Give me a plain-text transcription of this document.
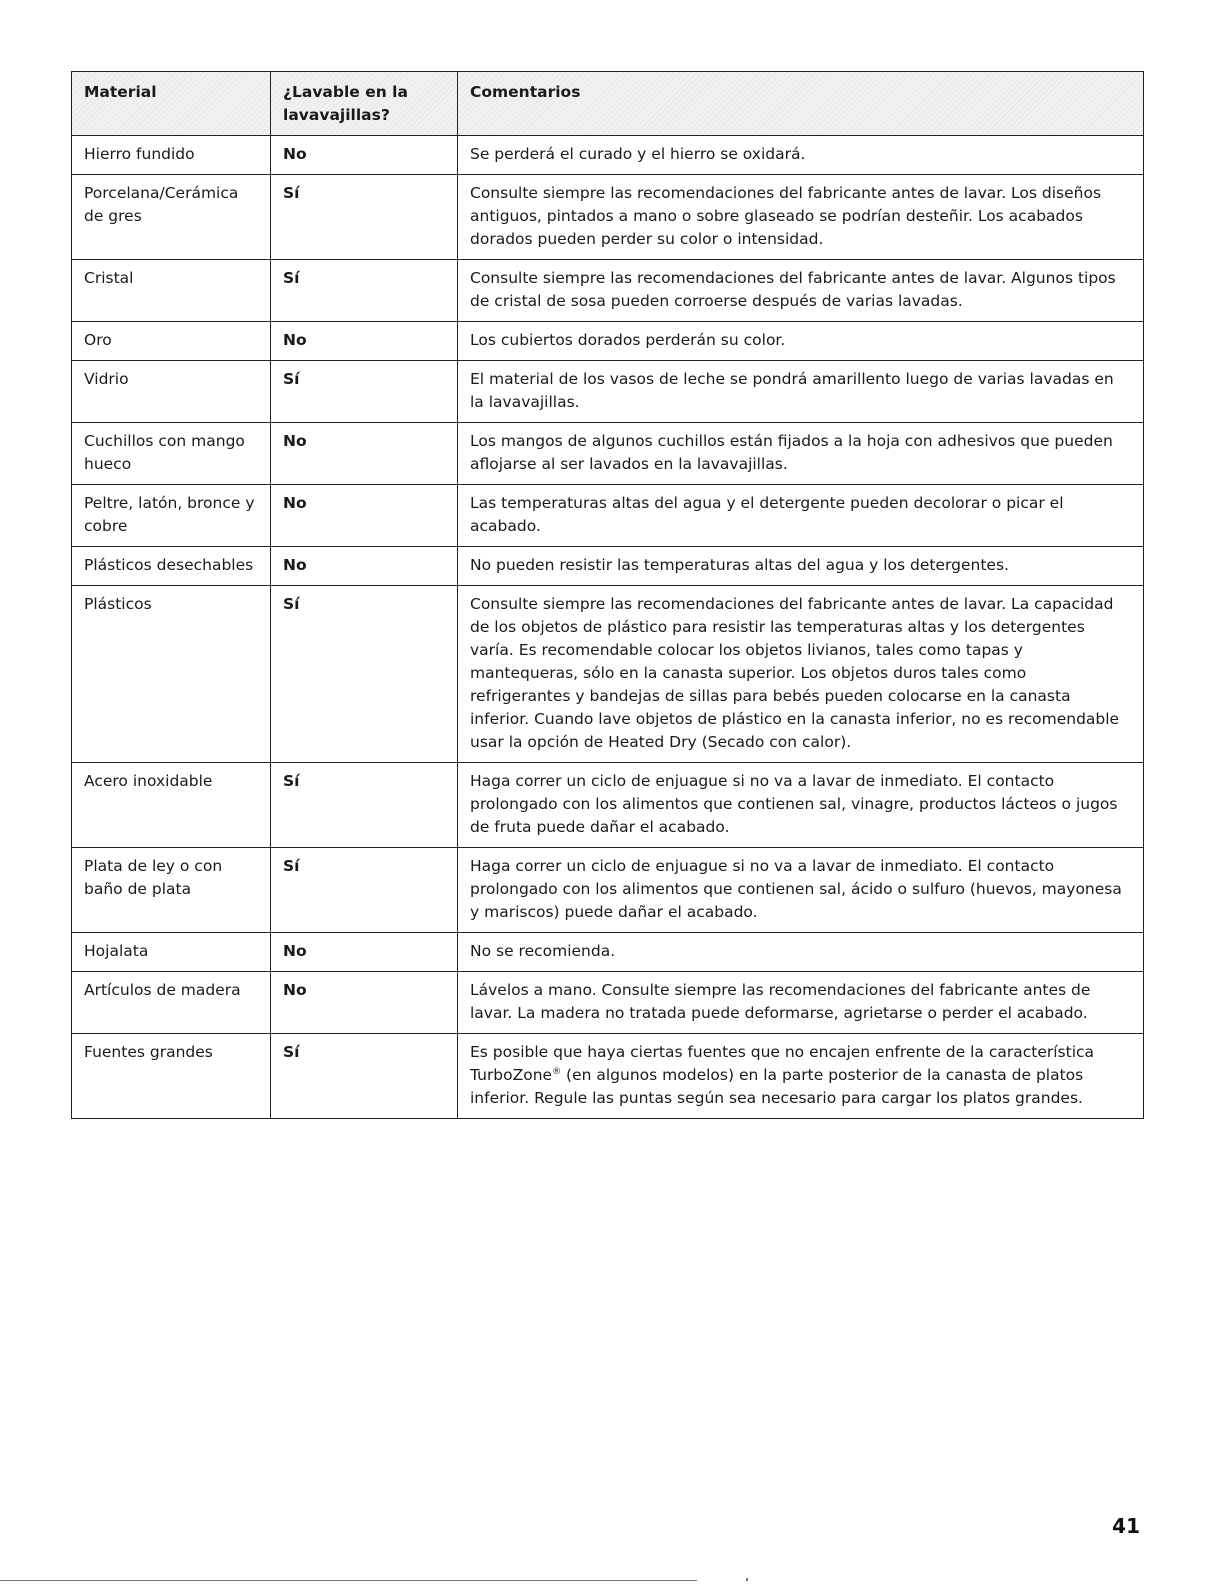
Material	¿Lavable en la lavavajillas?	Comentarios
Hierro fundido	No	Se perderá el curado y el hierro se oxidará.
Porcelana/Cerámica de gres	Sí	Consulte siempre las recomendaciones del fabricante antes de lavar. Los diseños antiguos, pintados a mano o sobre glaseado se podrían desteñir. Los acabados dorados pueden perder su color o intensidad.
Cristal	Sí	Consulte siempre las recomendaciones del fabricante antes de lavar. Algunos tipos de cristal de sosa pueden corroerse después de varias lavadas.
Oro	No	Los cubiertos dorados perderán su color.
Vidrio	Sí	El material de los vasos de leche se pondrá amarillento luego de varias lavadas en la lavavajillas.
Cuchillos con mango hueco	No	Los mangos de algunos cuchillos están fijados a la hoja con adhesivos que pueden aflojarse al ser lavados en la lavavajillas.
Peltre, latón, bronce y cobre	No	Las temperaturas altas del agua y el detergente pueden decolorar o picar el acabado.
Plásticos desechables	No	No pueden resistir las temperaturas altas del agua y los detergentes.
Plásticos	Sí	Consulte siempre las recomendaciones del fabricante antes de lavar. La capacidad de los objetos de plástico para resistir las temperaturas altas y los detergentes varía. Es recomendable colocar los objetos livianos, tales como tapas y mantequeras, sólo en la canasta superior. Los objetos duros tales como refrigerantes y bandejas de sillas para bebés pueden colocarse en la canasta inferior. Cuando lave objetos de plástico en la canasta inferior, no es recomendable usar la opción de Heated Dry (Secado con calor).
Acero inoxidable	Sí	Haga correr un ciclo de enjuague si no va a lavar de inmediato. El contacto prolongado con los alimentos que contienen sal, vinagre, productos lácteos o jugos de fruta puede dañar el acabado.
Plata de ley o con baño de plata	Sí	Haga correr un ciclo de enjuague si no va a lavar de inmediato. El contacto prolongado con los alimentos que contienen sal, ácido o sulfuro (huevos, mayonesa y mariscos) puede dañar el acabado.
Hojalata	No	No se recomienda.
Artículos de madera	No	Lávelos a mano. Consulte siempre las recomendaciones del fabricante antes de lavar. La madera no tratada puede deformarse, agrietarse o perder el acabado.
Fuentes grandes	Sí	Es posible que haya ciertas fuentes que no encajen enfrente de la característica TurboZone® (en algunos modelos) en la parte posterior de la canasta de platos inferior. Regule las puntas según sea necesario para cargar los platos grandes.
41
